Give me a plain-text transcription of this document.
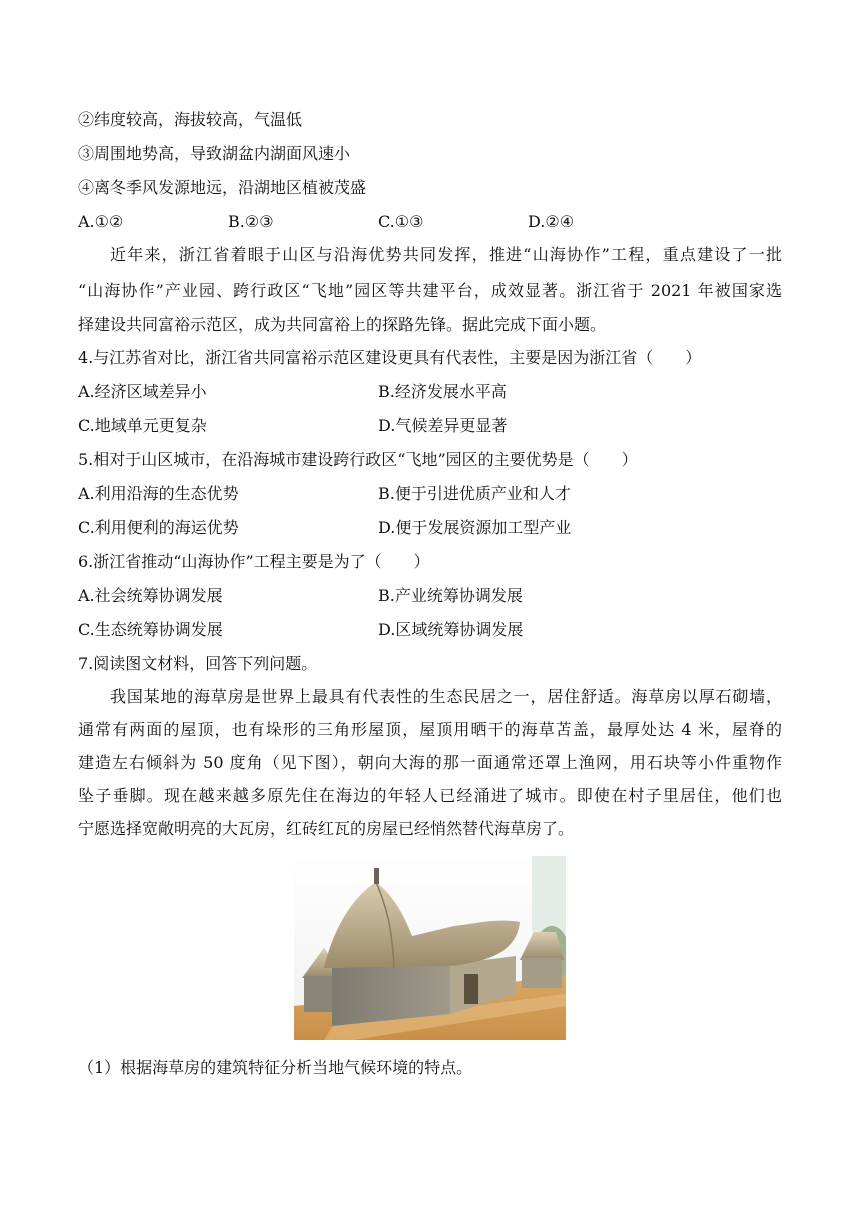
②纬度较高，海拔较高，气温低
③周围地势高，导致湖盆内湖面风速小
④离冬季风发源地远，沿湖地区植被茂盛
A.①②	B.②③	C.①③	D.②④
近年来，浙江省着眼于山区与沿海优势共同发挥，推进“山海协作”工程，重点建设了一批
“山海协作”产业园、跨行政区“飞地”园区等共建平台，成效显著。浙江省于 2021 年被国家选
择建设共同富裕示范区，成为共同富裕上的探路先锋。据此完成下面小题。
4.与江苏省对比，浙江省共同富裕示范区建设更具有代表性，主要是因为浙江省（　　）
A.经济区域差异小	B.经济发展水平高
C.地域单元更复杂	D.气候差异更显著
5.相对于山区城市，在沿海城市建设跨行政区“飞地”园区的主要优势是（　　）
A.利用沿海的生态优势	B.便于引进优质产业和人才
C.利用便利的海运优势	D.便于发展资源加工型产业
6.浙江省推动“山海协作”工程主要是为了（　　）
A.社会统筹协调发展	B.产业统筹协调发展
C.生态统筹协调发展	D.区域统筹协调发展
7.阅读图文材料，回答下列问题。
我国某地的海草房是世界上最具有代表性的生态民居之一，居住舒适。海草房以厚石砌墙，
通常有两面的屋顶，也有垛形的三角形屋顶，屋顶用晒干的海草苫盖，最厚处达 4 米，屋脊的
建造左右倾斜为 50 度角（见下图），朝向大海的那一面通常还罩上渔网，用石块等小件重物作
坠子垂脚。现在越来越多原先住在海边的年轻人已经涌进了城市。即使在村子里居住，他们也
宁愿选择宽敞明亮的大瓦房，红砖红瓦的房屋已经悄然替代海草房了。
（1）根据海草房的建筑特征分析当地气候环境的特点。
